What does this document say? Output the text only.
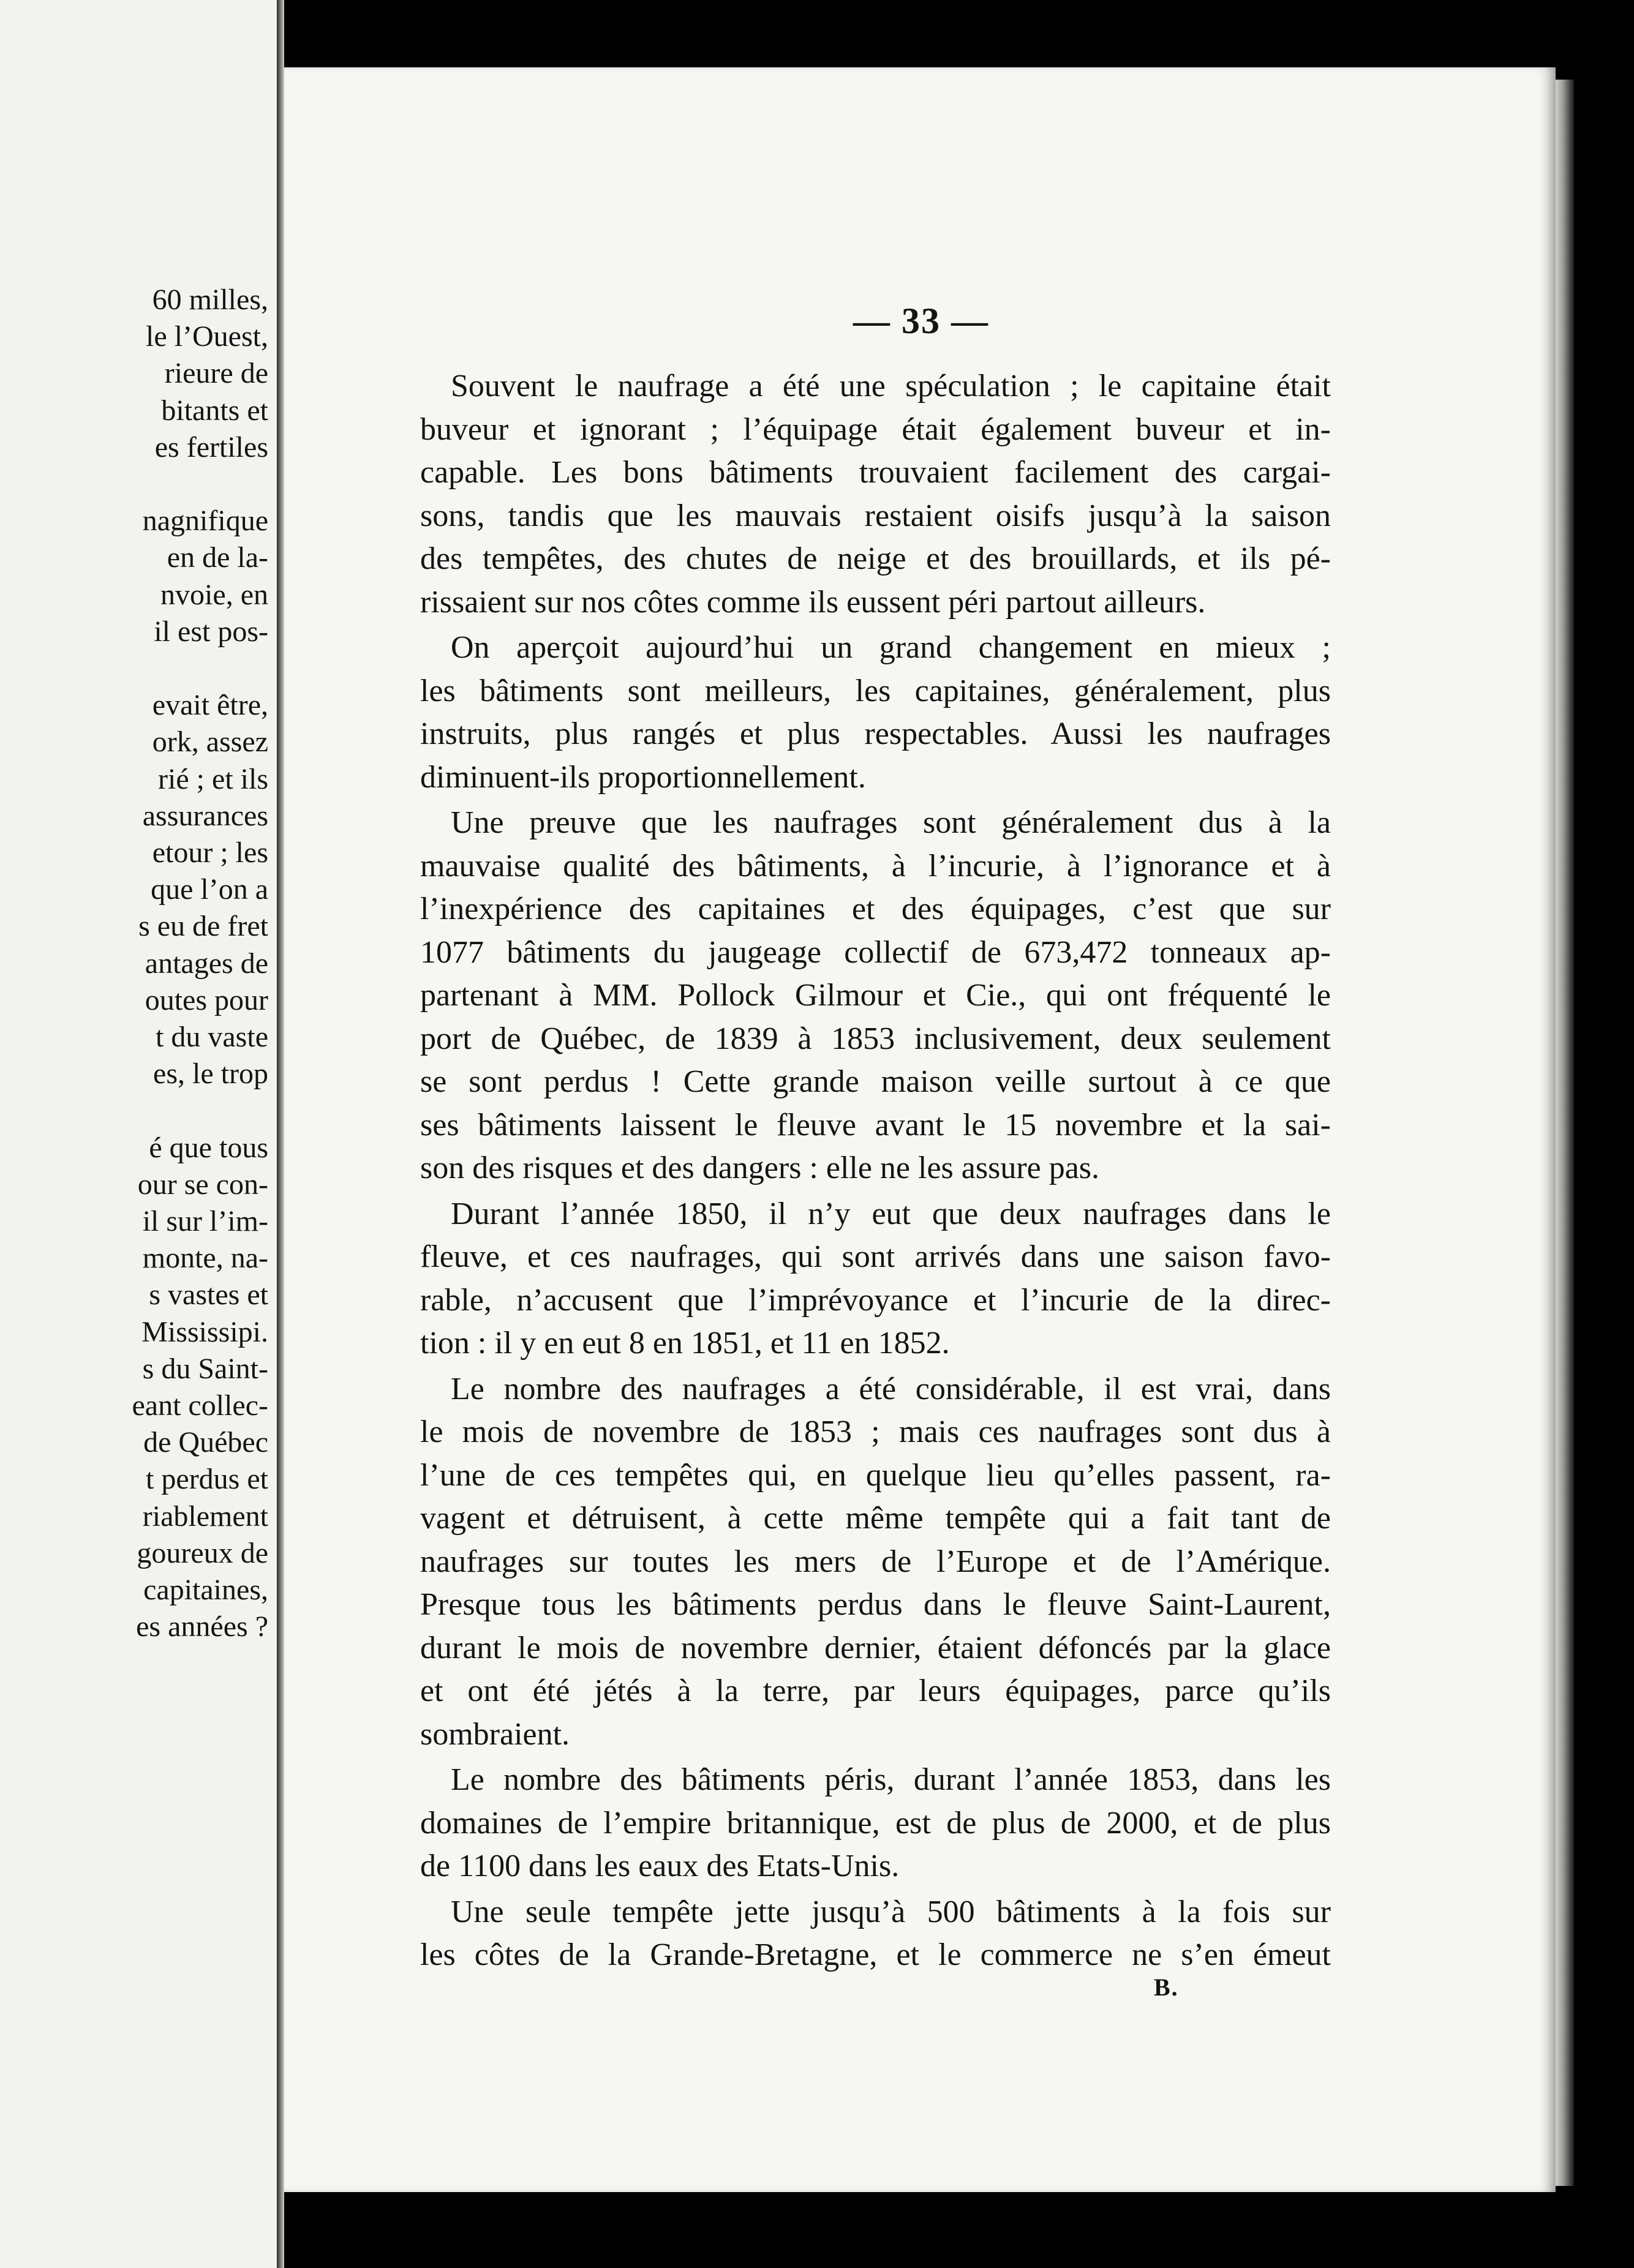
60 milles,
le l’Ouest,
rieure de
bitants et
es fertiles
nagnifique
en de la-
nvoie, en
il est pos-
evait être,
ork, assez
rié ; et ils
assurances
etour ; les
que l’on a
s eu de fret
antages de
outes pour
t du vaste
es, le trop
é que tous
our se con-
il sur l’im-
monte, na-
s vastes et
Mississipi.
s du Saint-
eant collec-
de Québec
t perdus et
riablement
goureux de
capitaines,
es années ?
— 33 —
Souvent le naufrage a été une spéculation ; le capitaine était
buveur et ignorant ; l’équipage était également buveur et in-
capable. Les bons bâtiments trouvaient facilement des cargai-
sons, tandis que les mauvais restaient oisifs jusqu’à la saison
des tempêtes, des chutes de neige et des brouillards, et ils pé-
rissaient sur nos côtes comme ils eussent péri partout ailleurs.
On aperçoit aujourd’hui un grand changement en mieux ;
les bâtiments sont meilleurs, les capitaines, généralement, plus
instruits, plus rangés et plus respectables. Aussi les naufrages
diminuent-ils proportionnellement.
Une preuve que les naufrages sont généralement dus à la
mauvaise qualité des bâtiments, à l’incurie, à l’ignorance et à
l’inexpérience des capitaines et des équipages, c’est que sur
1077 bâtiments du jaugeage collectif de 673,472 tonneaux ap-
partenant à MM. Pollock Gilmour et Cie., qui ont fréquenté le
port de Québec, de 1839 à 1853 inclusivement, deux seulement
se sont perdus ! Cette grande maison veille surtout à ce que
ses bâtiments laissent le fleuve avant le 15 novembre et la sai-
son des risques et des dangers : elle ne les assure pas.
Durant l’année 1850, il n’y eut que deux naufrages dans le
fleuve, et ces naufrages, qui sont arrivés dans une saison favo-
rable, n’accusent que l’imprévoyance et l’incurie de la direc-
tion : il y en eut 8 en 1851, et 11 en 1852.
Le nombre des naufrages a été considérable, il est vrai, dans
le mois de novembre de 1853 ; mais ces naufrages sont dus à
l’une de ces tempêtes qui, en quelque lieu qu’elles passent, ra-
vagent et détruisent, à cette même tempête qui a fait tant de
naufrages sur toutes les mers de l’Europe et de l’Amérique.
Presque tous les bâtiments perdus dans le fleuve Saint-Laurent,
durant le mois de novembre dernier, étaient défoncés par la glace
et ont été jétés à la terre, par leurs équipages, parce qu’ils
sombraient.
Le nombre des bâtiments péris, durant l’année 1853, dans les
domaines de l’empire britannique, est de plus de 2000, et de plus
de 1100 dans les eaux des Etats-Unis.
Une seule tempête jette jusqu’à 500 bâtiments à la fois sur
les côtes de la Grande-Bretagne, et le commerce ne s’en émeut
B.
